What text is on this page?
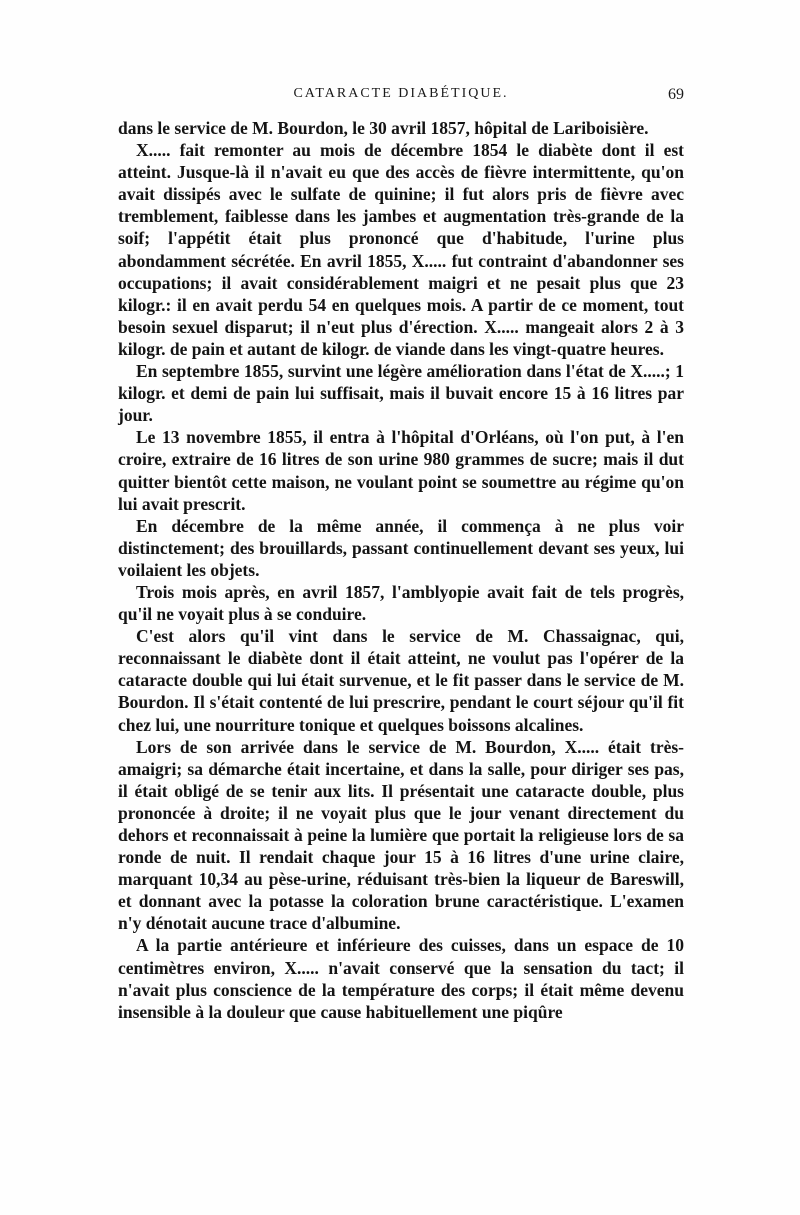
CATARACTE DIABÉTIQUE.	69

dans le service de M. Bourdon, le 30 avril 1857, hôpital de Lariboisière.

X..... fait remonter au mois de décembre 1854 le diabète dont il est atteint. Jusque-là il n'avait eu que des accès de fièvre intermittente, qu'on avait dissipés avec le sulfate de quinine; il fut alors pris de fièvre avec tremblement, faiblesse dans les jambes et augmentation très-grande de la soif; l'appétit était plus prononcé que d'habitude, l'urine plus abondamment sécrétée. En avril 1855, X..... fut contraint d'abandonner ses occupations; il avait considérablement maigri et ne pesait plus que 23 kilogr.: il en avait perdu 54 en quelques mois. A partir de ce moment, tout besoin sexuel disparut; il n'eut plus d'érection. X..... mangeait alors 2 à 3 kilogr. de pain et autant de kilogr. de viande dans les vingt-quatre heures.

En septembre 1855, survint une légère amélioration dans l'état de X.....; 1 kilogr. et demi de pain lui suffisait, mais il buvait encore 15 à 16 litres par jour.

Le 13 novembre 1855, il entra à l'hôpital d'Orléans, où l'on put, à l'en croire, extraire de 16 litres de son urine 980 grammes de sucre; mais il dut quitter bientôt cette maison, ne voulant point se soumettre au régime qu'on lui avait prescrit.

En décembre de la même année, il commença à ne plus voir distinctement; des brouillards, passant continuellement devant ses yeux, lui voilaient les objets.

Trois mois après, en avril 1857, l'amblyopie avait fait de tels progrès, qu'il ne voyait plus à se conduire.

C'est alors qu'il vint dans le service de M. Chassaignac, qui, reconnaissant le diabète dont il était atteint, ne voulut pas l'opérer de la cataracte double qui lui était survenue, et le fit passer dans le service de M. Bourdon. Il s'était contenté de lui prescrire, pendant le court séjour qu'il fit chez lui, une nourriture tonique et quelques boissons alcalines.

Lors de son arrivée dans le service de M. Bourdon, X..... était très-amaigri; sa démarche était incertaine, et dans la salle, pour diriger ses pas, il était obligé de se tenir aux lits. Il présentait une cataracte double, plus prononcée à droite; il ne voyait plus que le jour venant directement du dehors et reconnaissait à peine la lumière que portait la religieuse lors de sa ronde de nuit. Il rendait chaque jour 15 à 16 litres d'une urine claire, marquant 10,34 au pèse-urine, réduisant très-bien la liqueur de Bareswill, et donnant avec la potasse la coloration brune caractéristique. L'examen n'y dénotait aucune trace d'albumine.

A la partie antérieure et inférieure des cuisses, dans un espace de 10 centimètres environ, X..... n'avait conservé que la sensation du tact; il n'avait plus conscience de la température des corps; il était même devenu insensible à la douleur que cause habituellement une piqûre
